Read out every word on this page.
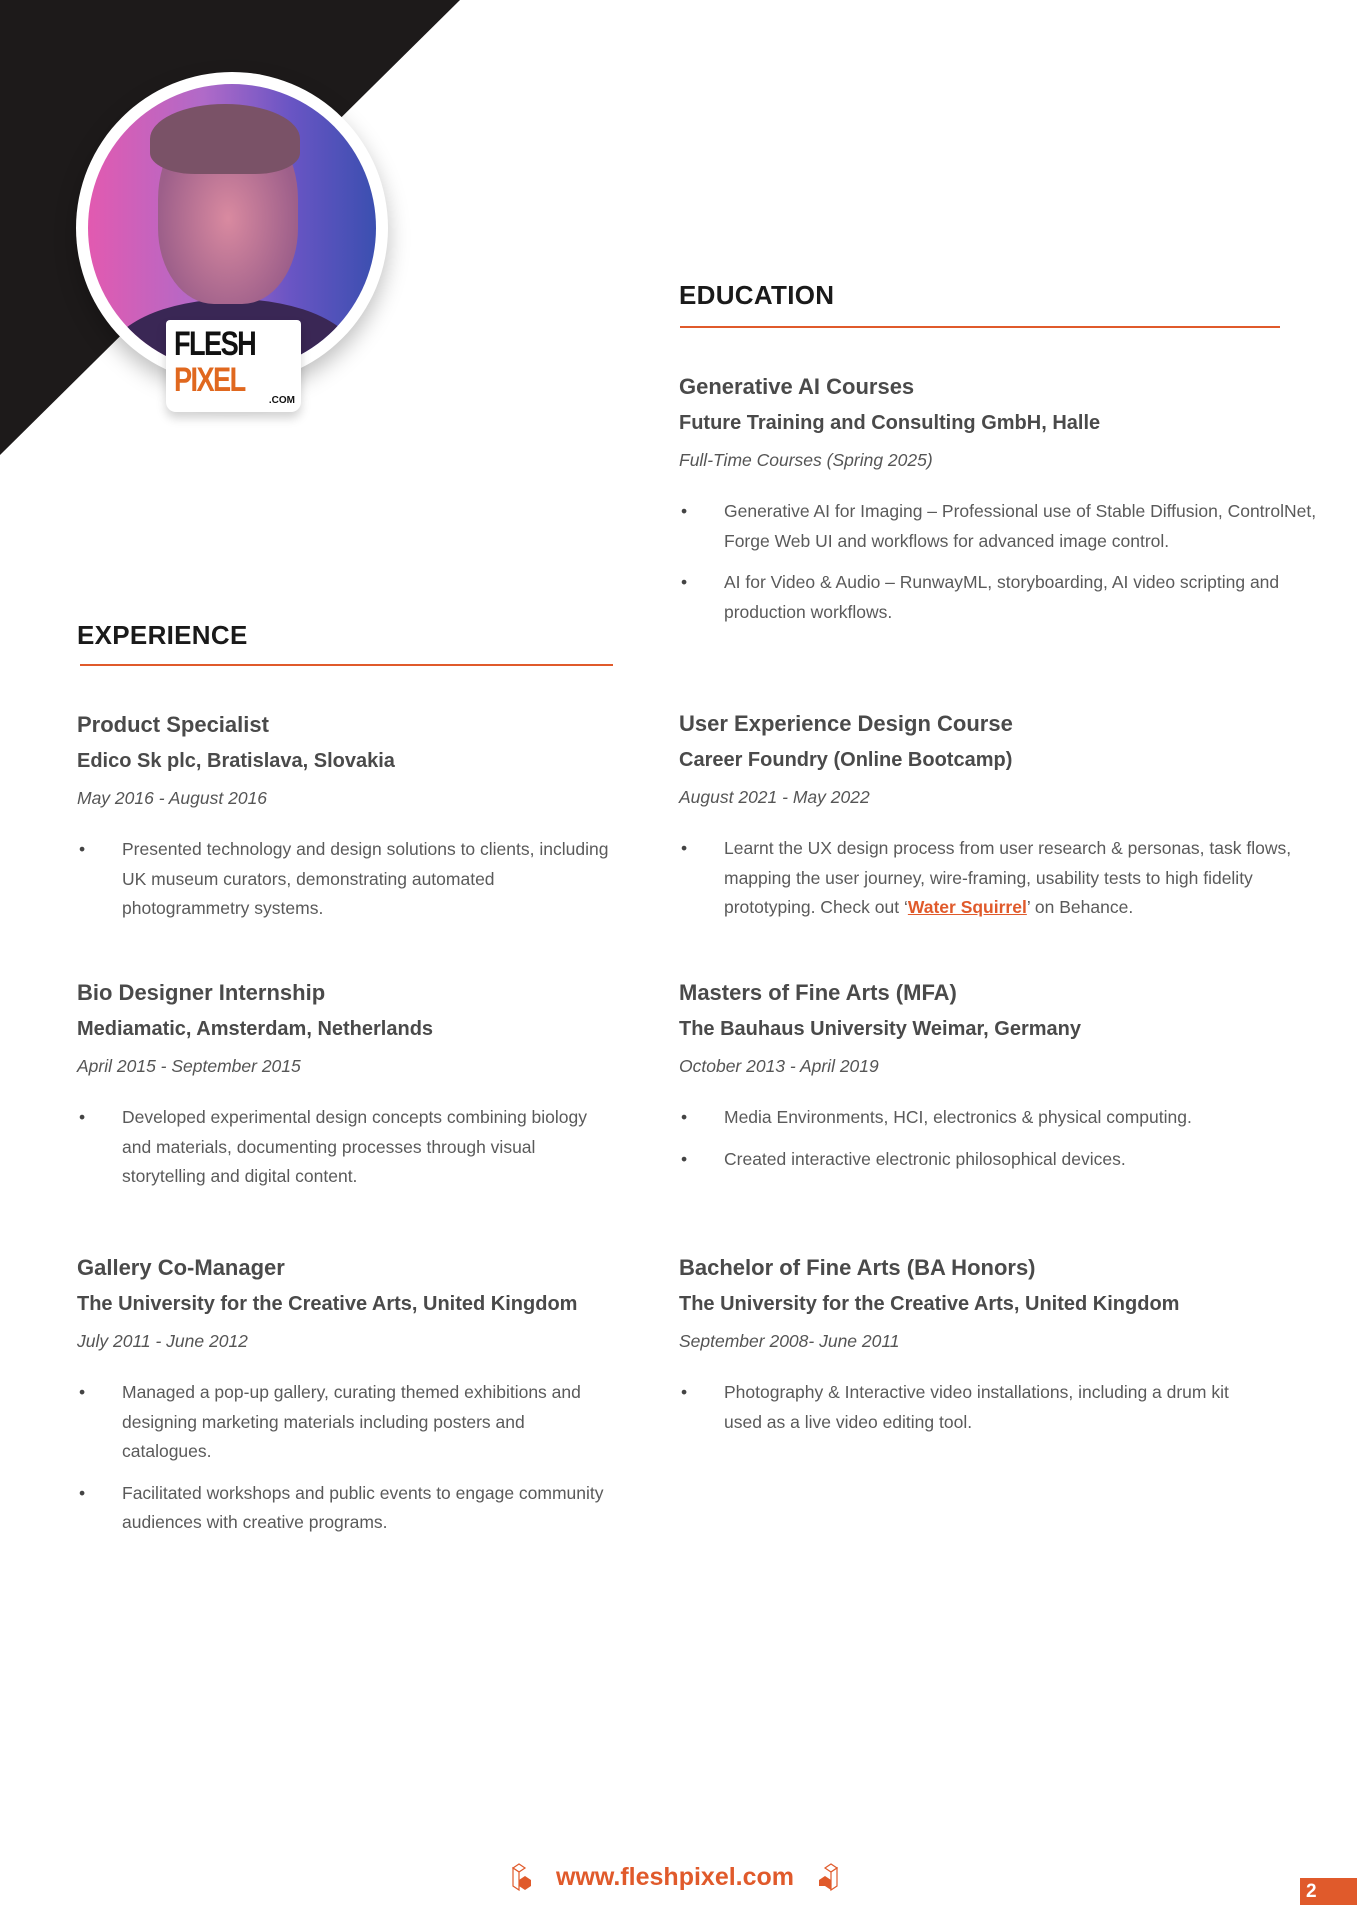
FLESH
PIXEL
.COM
EDUCATION
EXPERIENCE
Product Specialist
Edico Sk plc, Bratislava, Slovakia
May 2016 - August 2016
• Presented technology and design solutions to clients, including UK museum curators, demonstrating automated photogrammetry systems.
Bio Designer Internship
Mediamatic, Amsterdam, Netherlands
April 2015 - September 2015
• Developed experimental design concepts combining biology and materials, documenting processes through visual storytelling and digital content.
Gallery Co-Manager
The University for the Creative Arts, United Kingdom
July 2011 - June 2012
• Managed a pop-up gallery, curating themed exhibitions and designing marketing materials including posters and catalogues.
• Facilitated workshops and public events to engage community audiences with creative programs.
Generative AI Courses
Future Training and Consulting GmbH, Halle
Full-Time Courses (Spring 2025)
• Generative AI for Imaging – Professional use of Stable Diffusion, ControlNet, Forge Web UI and workflows for advanced image control.
• AI for Video & Audio – RunwayML, storyboarding, AI video scripting and production workflows.
User Experience Design Course
Career Foundry (Online Bootcamp)
August 2021 - May 2022
• Learnt the UX design process from user research & personas, task flows, mapping the user journey, wire-framing, usability tests to high fidelity prototyping. Check out ‘Water Squirrel’ on Behance.
Masters of Fine Arts (MFA)
The Bauhaus University Weimar, Germany
October 2013 - April 2019
• Media Environments, HCI, electronics & physical computing.
• Created interactive electronic philosophical devices.
Bachelor of Fine Arts (BA Honors)
The University for the Creative Arts, United Kingdom
September 2008- June 2011
• Photography & Interactive video installations, including a drum kit used as a live video editing tool.
www.fleshpixel.com
2
